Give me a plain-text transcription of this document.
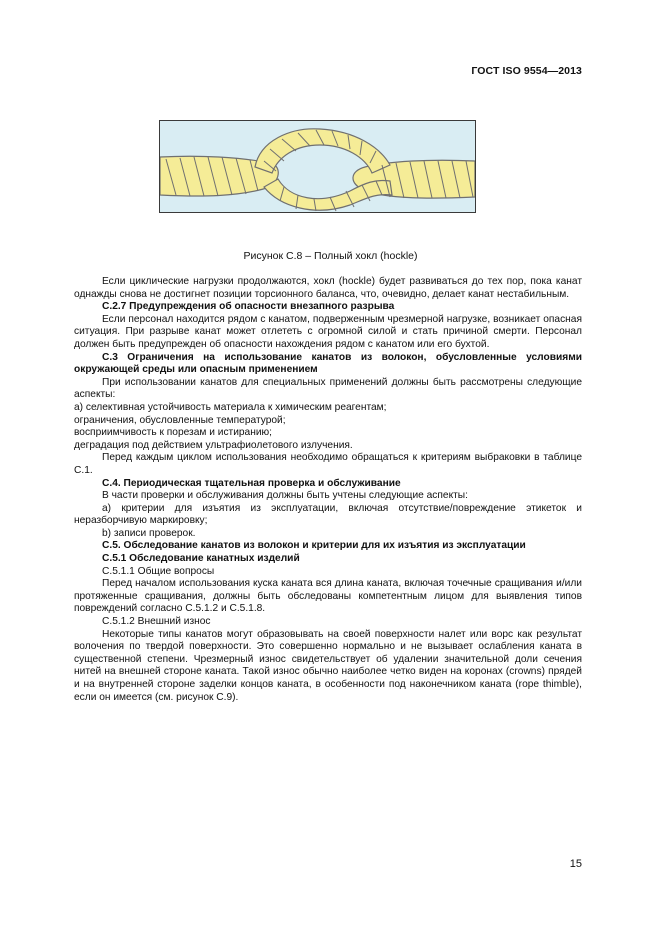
ГОСТ ISO 9554—2013
Рисунок С.8 – Полный хокл (hockle)

Если циклические нагрузки продолжаются, хокл (hockle) будет развиваться до тех пор, пока канат однажды снова не достигнет позиции торсионного баланса, что, очевидно, делает канат нестабильным.

С.2.7 Предупреждения об опасности внезапного разрыва

Если персонал находится рядом с канатом, подверженным чрезмерной нагрузке, возникает опасная ситуация. При разрыве канат может отлететь с огромной силой и стать причиной смерти. Персонал должен быть предупрежден об опасности нахождения рядом с канатом или его бухтой.

С.3 Ограничения на использование канатов из волокон, обусловленные условиями окружающей среды или опасным применением

При использовании канатов для специальных применений должны быть рассмотрены следующие аспекты:

а) селективная устойчивость материала к химическим реагентам;

ограничения, обусловленные температурой;

восприимчивость к порезам и истиранию;

деградация под действием ультрафиолетового излучения.

Перед каждым циклом использования необходимо обращаться к критериям выбраковки в таблице С.1.

С.4. Периодическая тщательная проверка и обслуживание

В части проверки и обслуживания должны быть учтены следующие аспекты:

а) критерии для изъятия из эксплуатации, включая отсутствие/повреждение этикеток и неразборчивую маркировку;

b) записи проверок.

С.5. Обследование канатов из волокон и критерии для их изъятия из эксплуатации

С.5.1 Обследование канатных изделий

С.5.1.1 Общие вопросы

Перед началом использования куска каната вся длина каната, включая точечные сращивания и/или протяженные сращивания, должны быть обследованы компетентным лицом для выявления типов повреждений согласно С.5.1.2 и С.5.1.8.

С.5.1.2 Внешний износ

Некоторые типы канатов могут образовывать на своей поверхности налет или ворс как результат волочения по твердой поверхности. Это совершенно нормально и не вызывает ослабления каната в существенной степени. Чрезмерный износ свидетельствует об удалении значительной доли сечения нитей на внешней стороне каната. Такой износ обычно наиболее четко виден на коронах (crowns) прядей и на внутренней стороне заделки концов каната, в особенности под наконечником каната (rope thimble), если он имеется (см. рисунок С.9).

15
